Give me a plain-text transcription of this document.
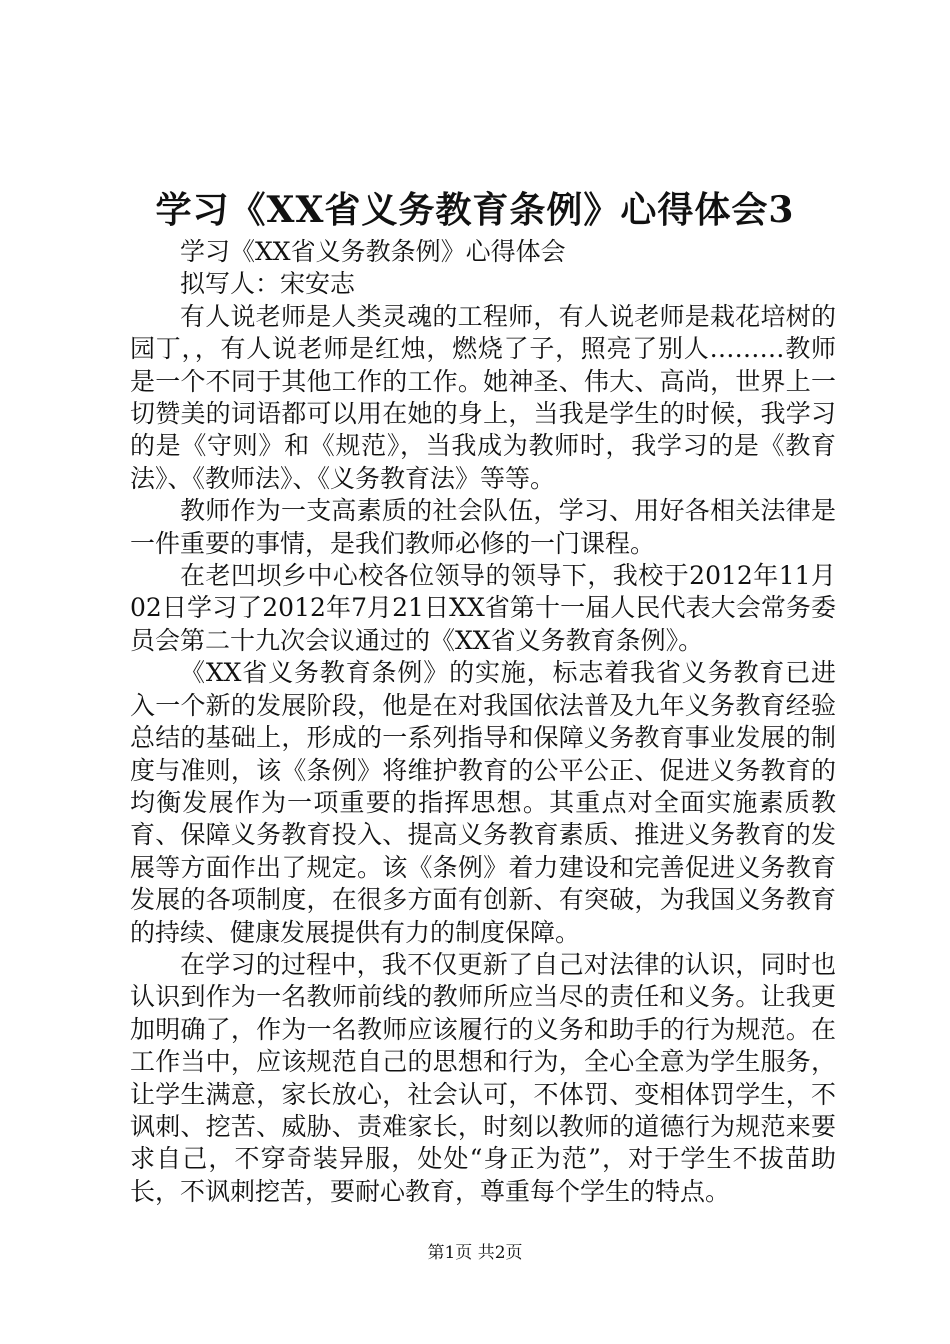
学习《XX省义务教育条例》心得体会3

学习《XX省义务教条例》心得体会

拟写人：宋安志

有人说老师是人类灵魂的工程师，有人说老师是栽花培树的园丁，，有人说老师是红烛，燃烧了子，照亮了别人………教师是一个不同于其他工作的工作。她神圣、伟大、高尚，世界上一切赞美的词语都可以用在她的身上，当我是学生的时候，我学习的是《守则》和《规范》，当我成为教师时，我学习的是《教育法》、《教师法》、《义务教育法》等等。

教师作为一支高素质的社会队伍，学习、用好各相关法律是一件重要的事情，是我们教师必修的一门课程。

在老凹坝乡中心校各位领导的领导下，我校于2012年11月02日学习了2012年7月21日XX省第十一届人民代表大会常务委员会第二十九次会议通过的《XX省义务教育条例》。

《XX省义务教育条例》的实施，标志着我省义务教育已进入一个新的发展阶段，他是在对我国依法普及九年义务教育经验总结的基础上，形成的一系列指导和保障义务教育事业发展的制度与准则，该《条例》将维护教育的公平公正、促进义务教育的均衡发展作为一项重要的指挥思想。其重点对全面实施素质教育、保障义务教育投入、提高义务教育素质、推进义务教育的发展等方面作出了规定。该《条例》着力建设和完善促进义务教育发展的各项制度，在很多方面有创新、有突破，为我国义务教育的持续、健康发展提供有力的制度保障。

在学习的过程中，我不仅更新了自己对法律的认识，同时也认识到作为一名教师前线的教师所应当尽的责任和义务。让我更加明确了，作为一名教师应该履行的义务和助手的行为规范。在工作当中，应该规范自己的思想和行为，全心全意为学生服务，让学生满意，家长放心，社会认可，不体罚、变相体罚学生，不讽刺、挖苦、威胁、责难家长，时刻以教师的道德行为规范来要求自己，不穿奇装异服，处处“身正为范”，对于学生不拔苗助长，不讽刺挖苦，要耐心教育，尊重每个学生的特点。

第1页 共2页
